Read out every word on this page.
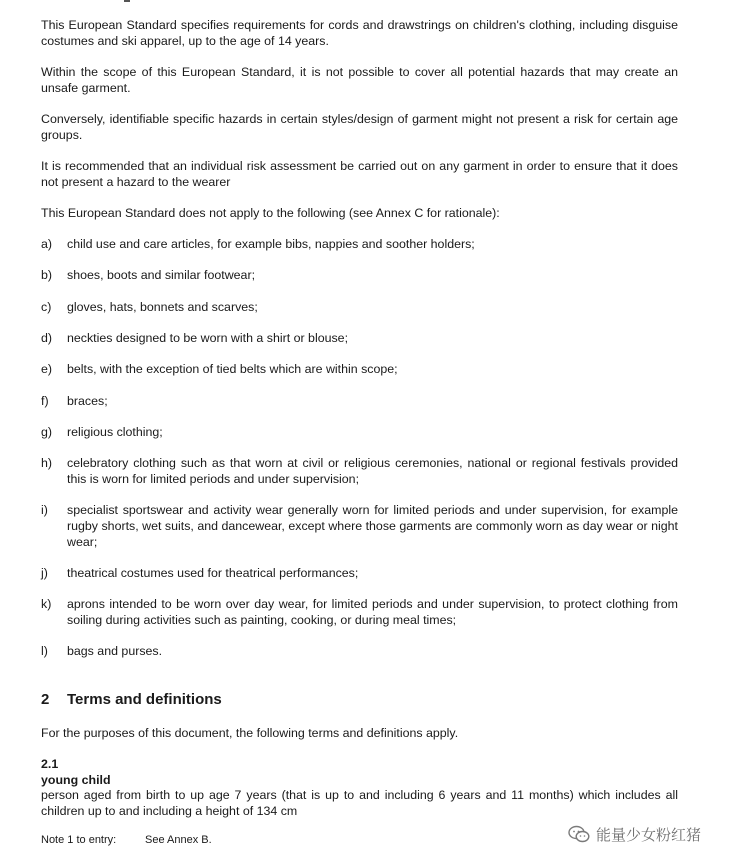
This European Standard specifies requirements for cords and drawstrings on children's clothing, including disguise costumes and ski apparel, up to the age of 14 years.

Within the scope of this European Standard, it is not possible to cover all potential hazards that may create an unsafe garment.

Conversely, identifiable specific hazards in certain styles/design of garment might not present a risk for certain age groups.

It is recommended that an individual risk assessment be carried out on any garment in order to ensure that it does not present a hazard to the wearer

This European Standard does not apply to the following (see Annex C for rationale):

a) child use and care articles, for example bibs, nappies and soother holders;
b) shoes, boots and similar footwear;
c) gloves, hats, bonnets and scarves;
d) neckties designed to be worn with a shirt or blouse;
e) belts, with the exception of tied belts which are within scope;
f) braces;
g) religious clothing;
h) celebratory clothing such as that worn at civil or religious ceremonies, national or regional festivals provided this is worn for limited periods and under supervision;
i) specialist sportswear and activity wear generally worn for limited periods and under supervision, for example rugby shorts, wet suits, and dancewear, except where those garments are commonly worn as day wear or night wear;
j) theatrical costumes used for theatrical performances;
k) aprons intended to be worn over day wear, for limited periods and under supervision, to protect clothing from soiling during activities such as painting, cooking, or during meal times;
l) bags and purses.
2 Terms and definitions

For the purposes of this document, the following terms and definitions apply.

2.1
young child

person aged from birth to up age 7 years (that is up to and including 6 years and 11 months) which includes all children up to and including a height of 134 cm

Note 1 to entry:	See Annex B.	能量少女粉红猪
